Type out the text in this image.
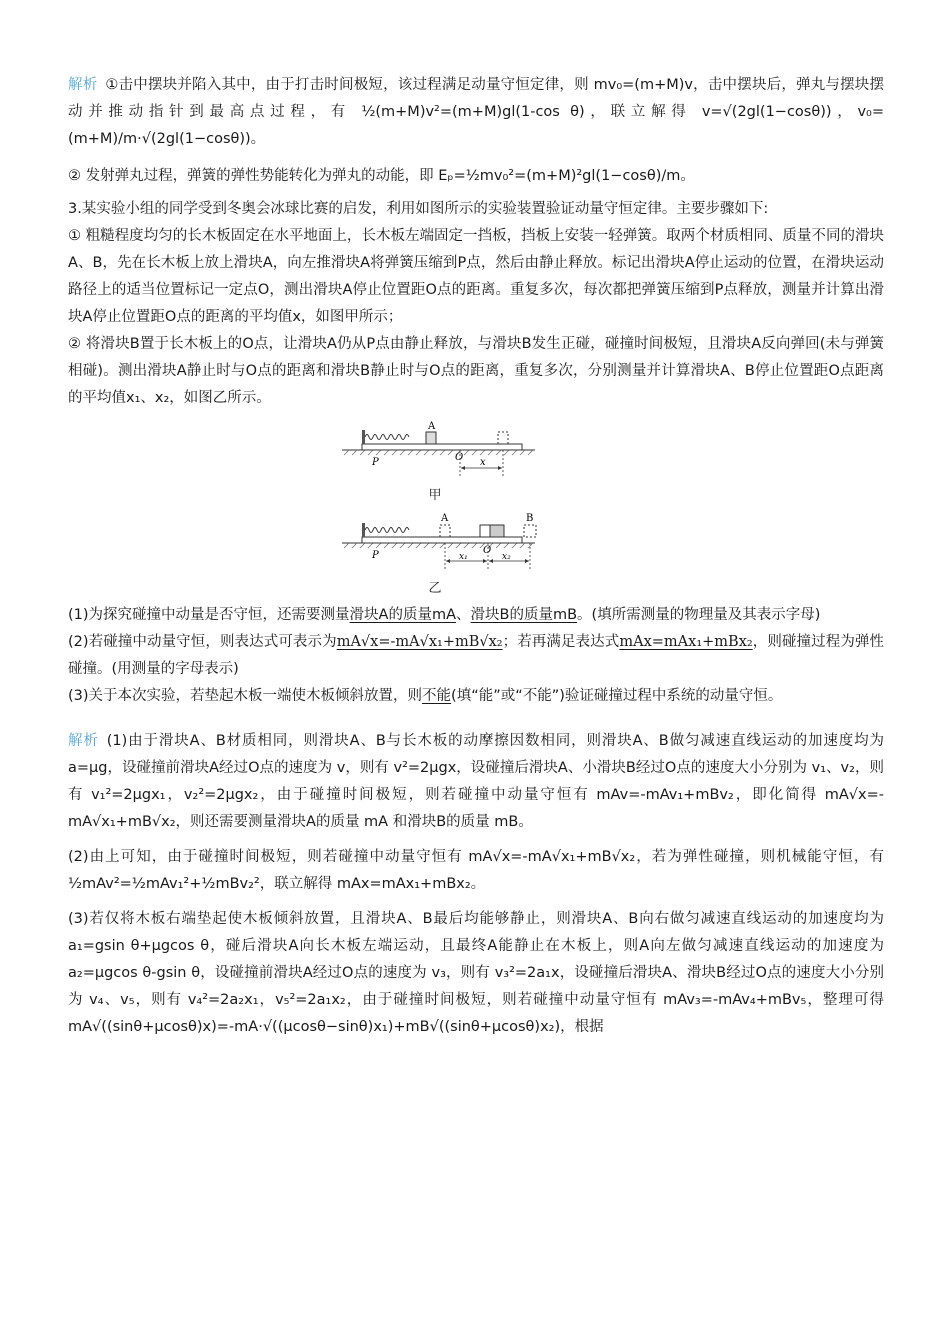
解析 ①击中摆块并陷入其中，由于打击时间极短，该过程满足动量守恒定律，则 mv₀=(m+M)v，击中摆块后，弹丸与摆块摆动并推动指针到最高点过程，有 ½(m+M)v²=(m+M)gl(1-cos θ)，联立解得 v=√(2gl(1−cosθ))，v₀=(m+M)/m·√(2gl(1−cosθ))。

② 发射弹丸过程，弹簧的弹性势能转化为弹丸的动能，即 Eₚ=½mv₀²=(m+M)²gl(1−cosθ)/m。

3.某实验小组的同学受到冬奥会冰球比赛的启发，利用如图所示的实验装置验证动量守恒定律。主要步骤如下:

① 粗糙程度均匀的长木板固定在水平地面上，长木板左端固定一挡板，挡板上安装一轻弹簧。取两个材质相同、质量不同的滑块A、B，先在长木板上放上滑块A，向左推滑块A将弹簧压缩到P点，然后由静止释放。标记出滑块A停止运动的位置，在滑块运动路径上的适当位置标记一定点O，测出滑块A停止位置距O点的距离。重复多次，每次都把弹簧压缩到P点释放，测量并计算出滑块A停止位置距O点的距离的平均值x，如图甲所示；

② 将滑块B置于长木板上的O点，让滑块A仍从P点由静止释放，与滑块B发生正碰，碰撞时间极短，且滑块A反向弹回(未与弹簧相碰)。测出滑块A静止时与O点的距离和滑块B静止时与O点的距离，重复多次，分别测量并计算滑块A、B停止位置距O点距离的平均值x₁、x₂，如图乙所示。

A
P	O x
甲
A	B
P	O
x₁	x₂
乙

(1)为探究碰撞中动量是否守恒，还需要测量滑块A的质量mA、滑块B的质量mB。(填所需测量的物理量及其表示字母)

(2)若碰撞中动量守恒，则表达式可表示为mA√x=-mA√x₁+mB√x₂；若再满足表达式mAx=mAx₁+mBx₂，则碰撞过程为弹性碰撞。(用测量的字母表示)

(3)关于本次实验，若垫起木板一端使木板倾斜放置，则不能(填“能”或“不能”)验证碰撞过程中系统的动量守恒。

解析 (1)由于滑块A、B材质相同，则滑块A、B与长木板的动摩擦因数相同，则滑块A、B做匀减速直线运动的加速度均为 a=μg，设碰撞前滑块A经过O点的速度为 v，则有 v²=2μgx，设碰撞后滑块A、小滑块B经过O点的速度大小分别为 v₁、v₂，则有 v₁²=2μgx₁，v₂²=2μgx₂，由于碰撞时间极短，则若碰撞中动量守恒有 mAv=-mAv₁+mBv₂，即化简得 mA√x=-mA√x₁+mB√x₂，则还需要测量滑块A的质量 mA 和滑块B的质量 mB。

(2)由上可知，由于碰撞时间极短，则若碰撞中动量守恒有 mA√x=-mA√x₁+mB√x₂，若为弹性碰撞，则机械能守恒，有 ½mAv²=½mAv₁²+½mBv₂²，联立解得 mAx=mAx₁+mBx₂。

(3)若仅将木板右端垫起使木板倾斜放置，且滑块A、B最后均能够静止，则滑块A、B向右做匀减速直线运动的加速度均为 a₁=gsin θ+μgcos θ，碰后滑块A向长木板左端运动，且最终A能静止在木板上，则A向左做匀减速直线运动的加速度为 a₂=μgcos θ-gsin θ，设碰撞前滑块A经过O点的速度为 v₃，则有 v₃²=2a₁x，设碰撞后滑块A、滑块B经过O点的速度大小分别为 v₄、v₅，则有 v₄²=2a₂x₁，v₅²=2a₁x₂，由于碰撞时间极短，则若碰撞中动量守恒有 mAv₃=-mAv₄+mBv₅，整理可得 mA√((sinθ+μcosθ)x)=-mA·√((μcosθ−sinθ)x₁)+mB√((sinθ+μcosθ)x₂)，根据
